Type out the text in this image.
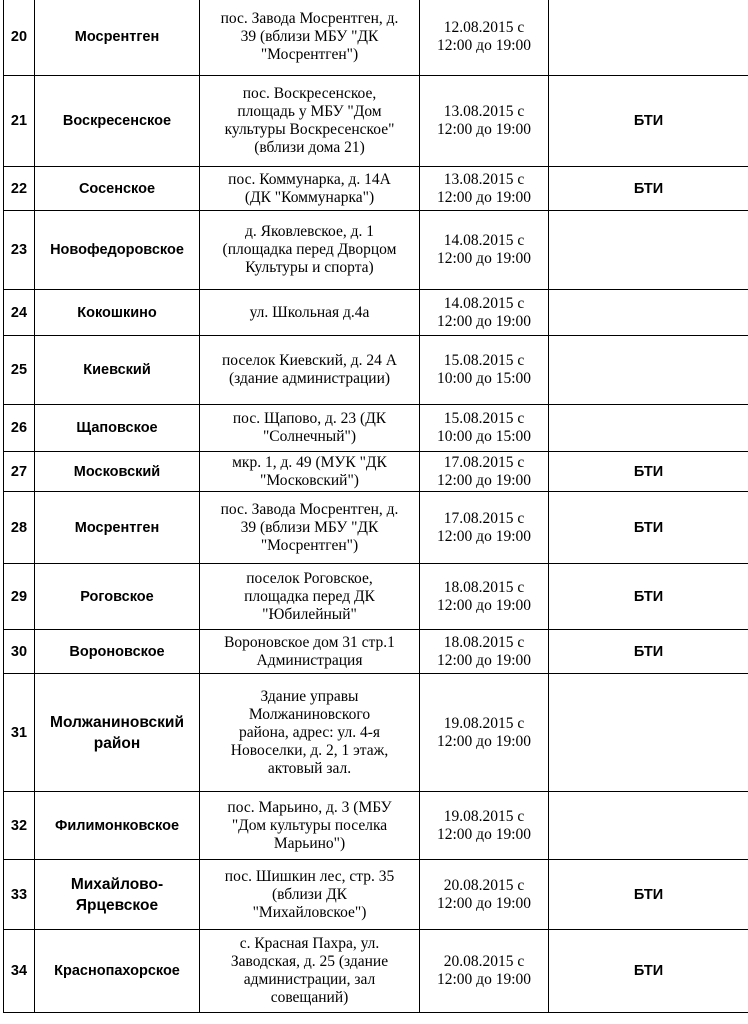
20	Мосрентген	пос. Завода Мосрентген, д.
39 (вблизи МБУ "ДК
"Мосрентген")	12.08.2015 с
12:00 до 19:00	
21	Воскресенское	пос. Воскресенское,
площадь у МБУ "Дом
культуры Воскресенское"
(вблизи дома 21)	13.08.2015 с
12:00 до 19:00	БТИ
22	Сосенское	пос. Коммунарка, д. 14А
(ДК "Коммунарка")	13.08.2015 с
12:00 до 19:00	БТИ
23	Новофедоровское	д. Яковлевское, д. 1
(площадка перед Дворцом
Культуры и спорта)	14.08.2015 с
12:00 до 19:00	
24	Кокошкино	ул. Школьная д.4а	14.08.2015 с
12:00 до 19:00	
25	Киевский	поселок Киевский, д. 24 А
(здание администрации)	15.08.2015 с
10:00 до 15:00	
26	Щаповское	пос. Щапово, д. 23 (ДК
"Солнечный")	15.08.2015 с
10:00 до 15:00	
27	Московский	мкр. 1, д. 49 (МУК "ДК
"Московский")	17.08.2015 с
12:00 до 19:00	БТИ
28	Мосрентген	пос. Завода Мосрентген, д.
39 (вблизи МБУ "ДК
"Мосрентген")	17.08.2015 с
12:00 до 19:00	БТИ
29	Роговское	поселок Роговское,
площадка перед ДК
"Юбилейный"	18.08.2015 с
12:00 до 19:00	БТИ
30	Вороновское	Вороновское дом 31 стр.1
Администрация	18.08.2015 с
12:00 до 19:00	БТИ
31	Молжаниновский
район	Здание управы
Молжаниновского
района, адрес: ул. 4-я
Новоселки, д. 2, 1 этаж,
актовый зал.	19.08.2015 с
12:00 до 19:00	
32	Филимонковское	пос. Марьино, д. 3 (МБУ
"Дом культуры поселка
Марьино")	19.08.2015 с
12:00 до 19:00	
33	Михайлово-
Ярцевское	пос. Шишкин лес, стр. 35
(вблизи ДК
"Михайловское")	20.08.2015 с
12:00 до 19:00	БТИ
34	Краснопахорское	с. Красная Пахра, ул.
Заводская, д. 25 (здание
администрации, зал
совещаний)	20.08.2015 с
12:00 до 19:00	БТИ
